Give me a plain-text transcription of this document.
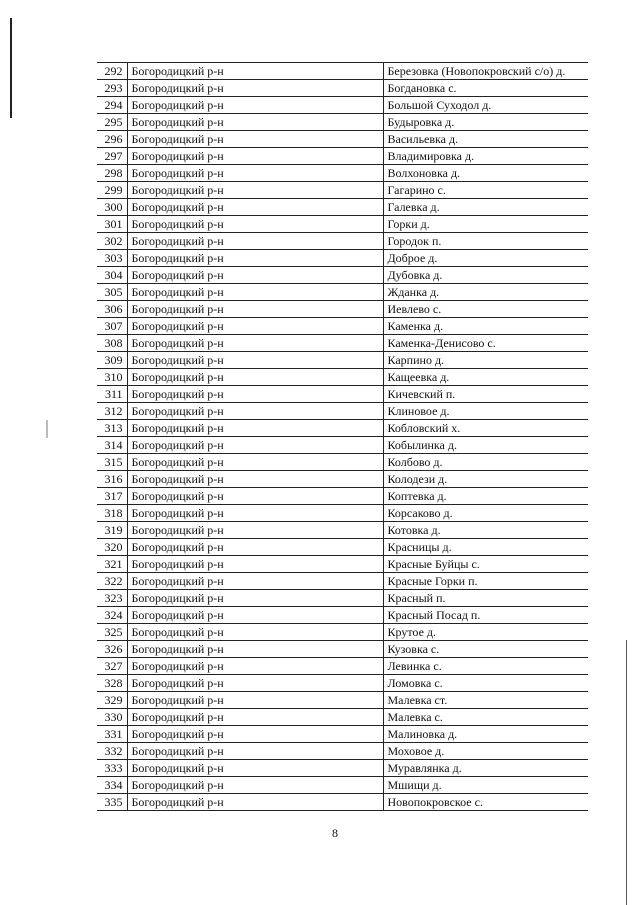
292	Богородицкий р-н	Березовка (Новопокровский с/о) д.
293	Богородицкий р-н	Богдановка с.
294	Богородицкий р-н	Большой Суходол д.
295	Богородицкий р-н	Будыровка д.
296	Богородицкий р-н	Васильевка д.
297	Богородицкий р-н	Владимировка д.
298	Богородицкий р-н	Волхоновка д.
299	Богородицкий р-н	Гагарино с.
300	Богородицкий р-н	Галевка д.
301	Богородицкий р-н	Горки д.
302	Богородицкий р-н	Городок п.
303	Богородицкий р-н	Доброе д.
304	Богородицкий р-н	Дубовка д.
305	Богородицкий р-н	Жданка д.
306	Богородицкий р-н	Иевлево с.
307	Богородицкий р-н	Каменка д.
308	Богородицкий р-н	Каменка-Денисово с.
309	Богородицкий р-н	Карпино д.
310	Богородицкий р-н	Кащеевка д.
311	Богородицкий р-н	Кичевский п.
312	Богородицкий р-н	Клиновое д.
313	Богородицкий р-н	Кобловский х.
314	Богородицкий р-н	Кобылинка д.
315	Богородицкий р-н	Колбово д.
316	Богородицкий р-н	Колодези д.
317	Богородицкий р-н	Коптевка д.
318	Богородицкий р-н	Корсаково д.
319	Богородицкий р-н	Котовка д.
320	Богородицкий р-н	Красницы д.
321	Богородицкий р-н	Красные Буйцы с.
322	Богородицкий р-н	Красные Горки п.
323	Богородицкий р-н	Красный п.
324	Богородицкий р-н	Красный Посад п.
325	Богородицкий р-н	Крутое д.
326	Богородицкий р-н	Кузовка с.
327	Богородицкий р-н	Левинка с.
328	Богородицкий р-н	Ломовка с.
329	Богородицкий р-н	Малевка ст.
330	Богородицкий р-н	Малевка с.
331	Богородицкий р-н	Малиновка д.
332	Богородицкий р-н	Моховое д.
333	Богородицкий р-н	Муравлянка д.
334	Богородицкий р-н	Мшищи д.
335	Богородицкий р-н	Новопокровское с.
8
